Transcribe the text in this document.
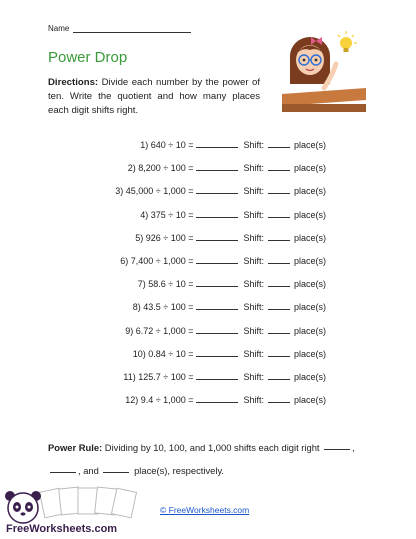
Name
Power Drop
Directions: Divide each number by the power of ten. Write the quotient and how many places each digit shifts right.
1) 640 ÷ 10 =	Shift:	place(s)
2) 8,200 ÷ 100 =	Shift:	place(s)
3) 45,000 ÷ 1,000 =	Shift:	place(s)
4) 375 ÷ 10 =	Shift:	place(s)
5) 926 ÷ 100 =	Shift:	place(s)
6) 7,400 ÷ 1,000 =	Shift:	place(s)
7) 58.6 ÷ 10 =	Shift:	place(s)
8) 43.5 ÷ 100 =	Shift:	place(s)
9) 6.72 ÷ 1,000 =	Shift:	place(s)
10) 0.84 ÷ 10 =	Shift:	place(s)
11) 125.7 ÷ 100 =	Shift:	place(s)
12) 9.4 ÷ 1,000 =	Shift:	place(s)
Power Rule: Dividing by 10, 100, and 1,000 shifts each digit right	,
, and	place(s), respectively.
FreeWorksheets.com
© FreeWorksheets.com
